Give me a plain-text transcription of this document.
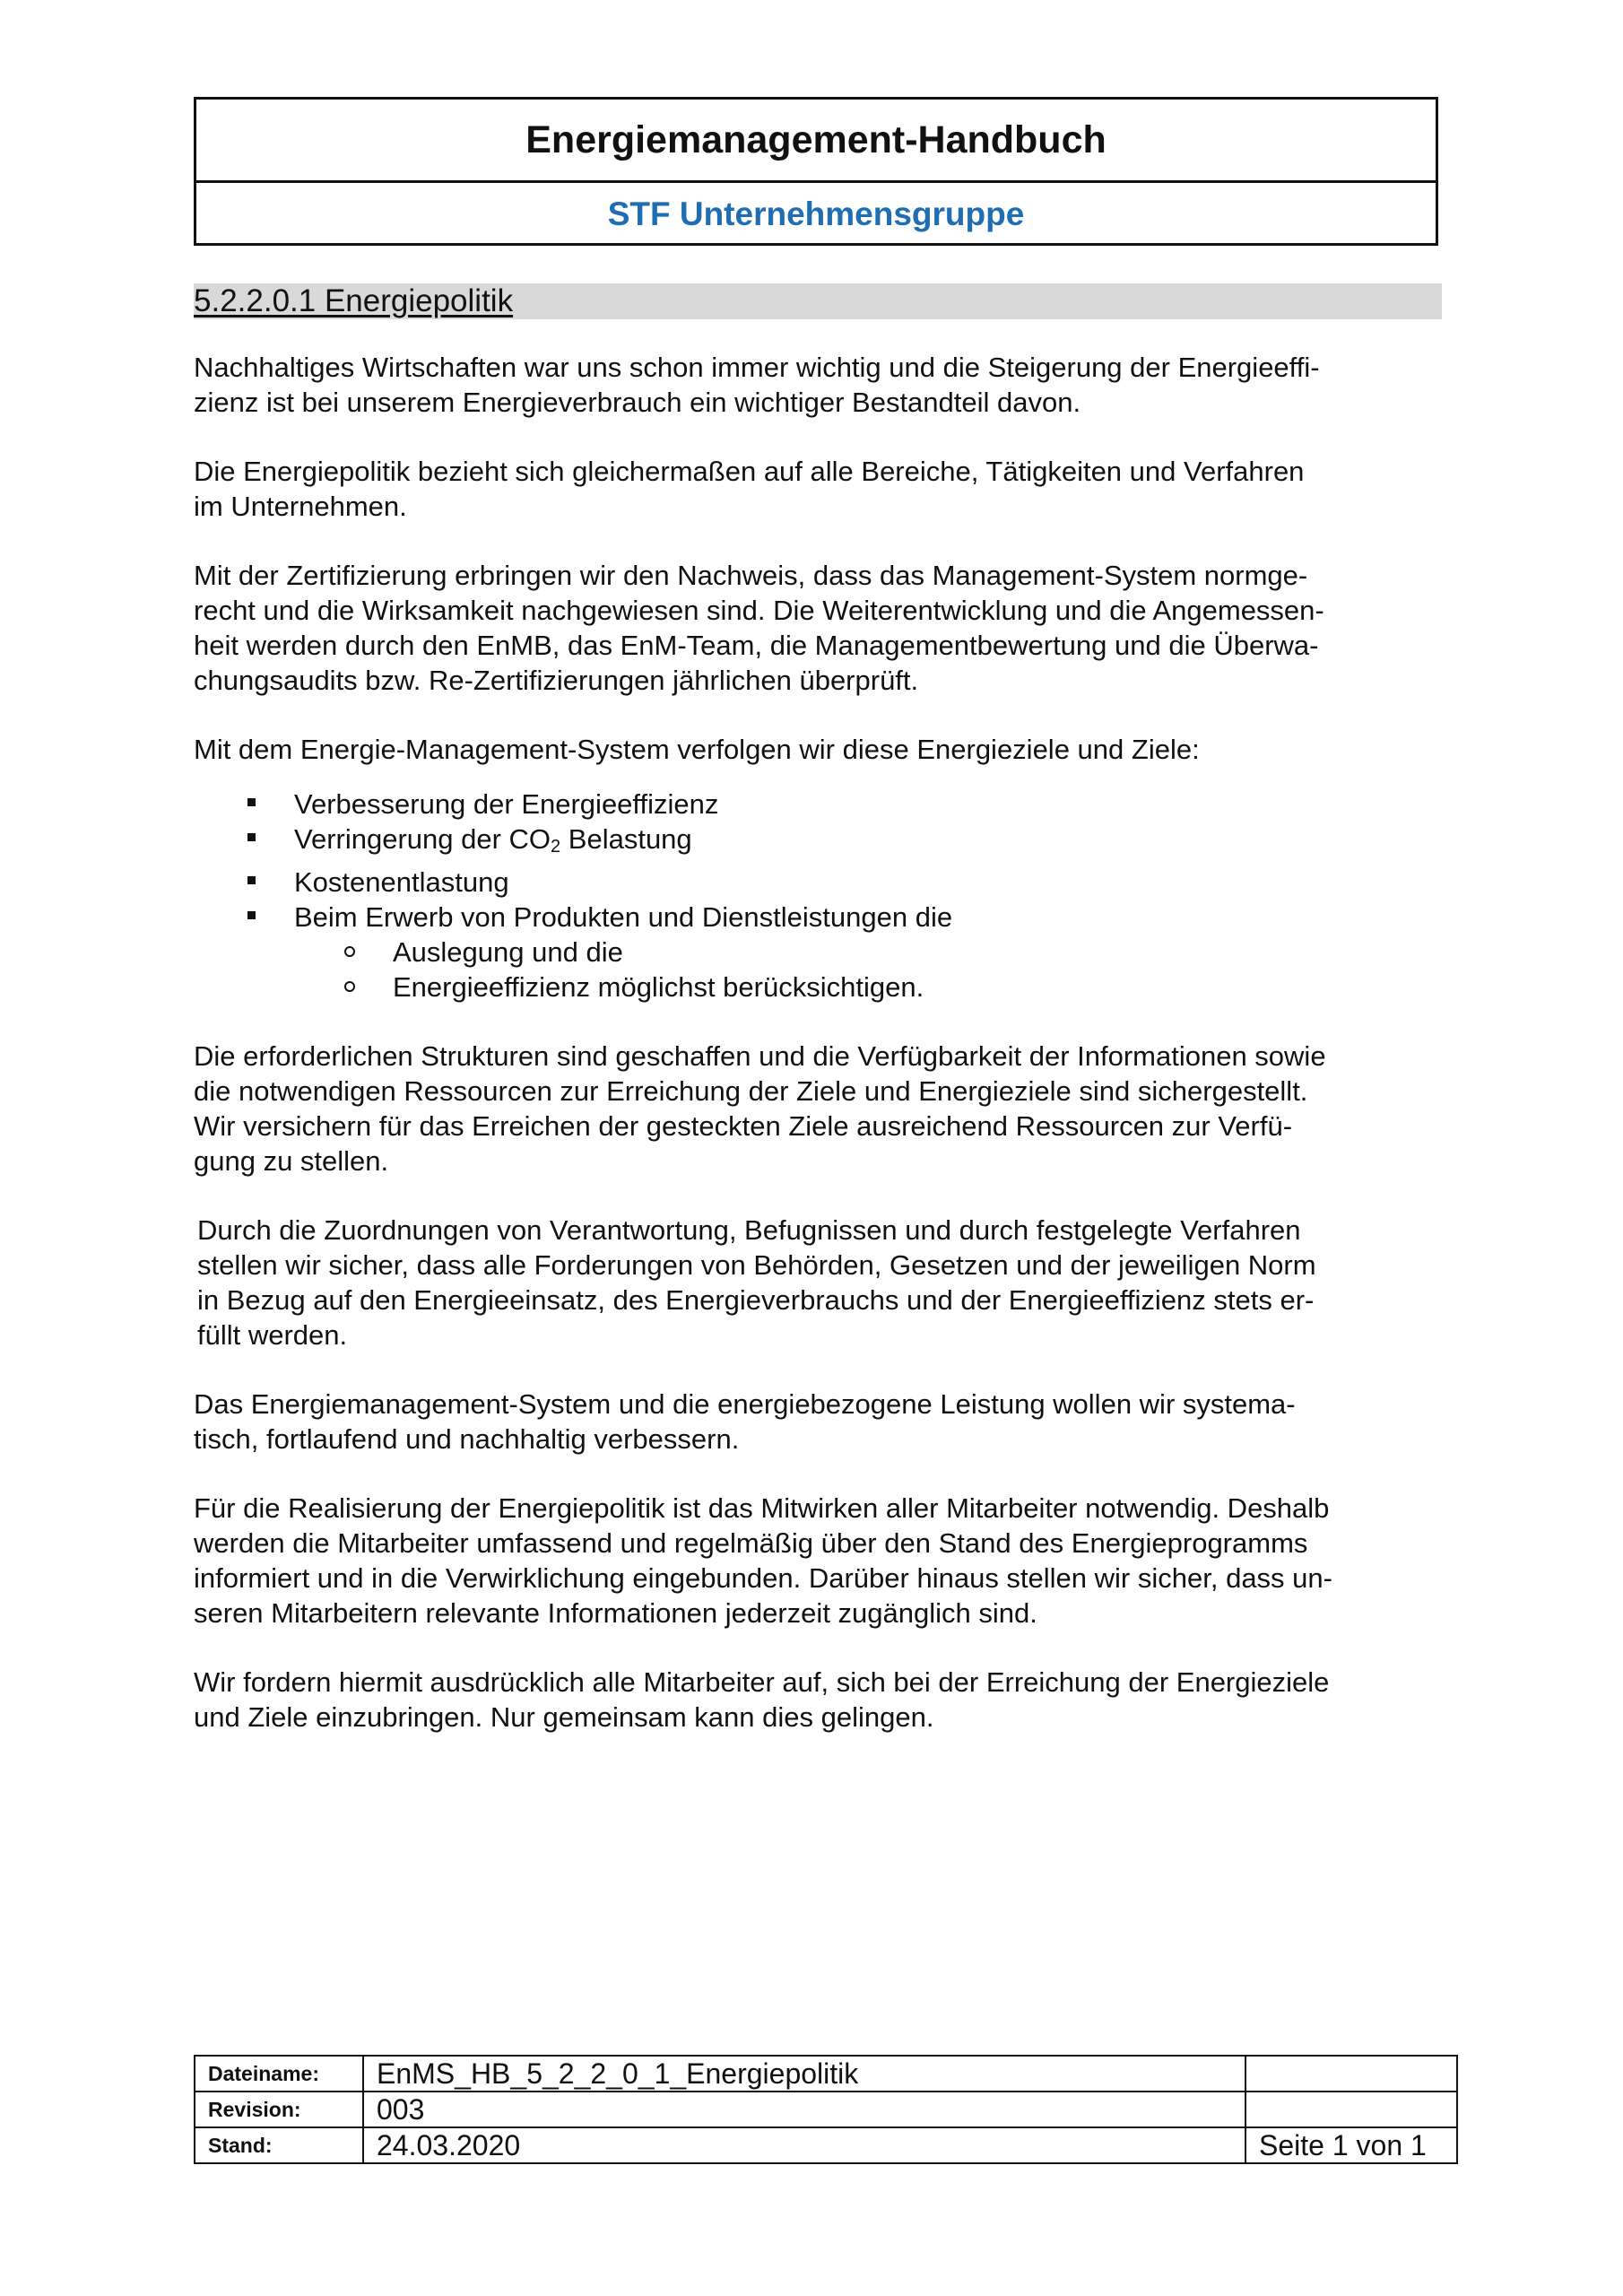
Energiemanagement-Handbuch
STF Unternehmensgruppe
5.2.2.0.1 Energiepolitik

Nachhaltiges Wirtschaften war uns schon immer wichtig und die Steigerung der Energieeffi-
zienz ist bei unserem Energieverbrauch ein wichtiger Bestandteil davon.

Die Energiepolitik bezieht sich gleichermaßen auf alle Bereiche, Tätigkeiten und Verfahren
im Unternehmen.

Mit der Zertifizierung erbringen wir den Nachweis, dass das Management-System normge-
recht und die Wirksamkeit nachgewiesen sind. Die Weiterentwicklung und die Angemessen-
heit werden durch den EnMB, das EnM-Team, die Managementbewertung und die Überwa-
chungsaudits bzw. Re-Zertifizierungen jährlichen überprüft.

Mit dem Energie-Management-System verfolgen wir diese Energieziele und Ziele:

Verbesserung der Energieeffizienz
Verringerung der $CO_2$ Belastung
Kostenentlastung
Beim Erwerb von Produkten und Dienstleistungen die
Auslegung und die
Energieeffizienz möglichst berücksichtigen.

Die erforderlichen Strukturen sind geschaffen und die Verfügbarkeit der Informationen sowie
die notwendigen Ressourcen zur Erreichung der Ziele und Energieziele sind sichergestellt.
Wir versichern für das Erreichen der gesteckten Ziele ausreichend Ressourcen zur Verfü-
gung zu stellen.

Durch die Zuordnungen von Verantwortung, Befugnissen und durch festgelegte Verfahren
stellen wir sicher, dass alle Forderungen von Behörden, Gesetzen und der jeweiligen Norm
in Bezug auf den Energieeinsatz, des Energieverbrauchs und der Energieeffizienz stets er-
füllt werden.

Das Energiemanagement-System und die energiebezogene Leistung wollen wir systema-
tisch, fortlaufend und nachhaltig verbessern.

Für die Realisierung der Energiepolitik ist das Mitwirken aller Mitarbeiter notwendig. Deshalb
werden die Mitarbeiter umfassend und regelmäßig über den Stand des Energieprogramms
informiert und in die Verwirklichung eingebunden. Darüber hinaus stellen wir sicher, dass un-
seren Mitarbeitern relevante Informationen jederzeit zugänglich sind.

Wir fordern hiermit ausdrücklich alle Mitarbeiter auf, sich bei der Erreichung der Energieziele
und Ziele einzubringen. Nur gemeinsam kann dies gelingen.

Dateiname:	EnMS_HB_5_2_2_0_1_Energiepolitik	
Revision:	003	
Stand:	24.03.2020	Seite 1 von 1
